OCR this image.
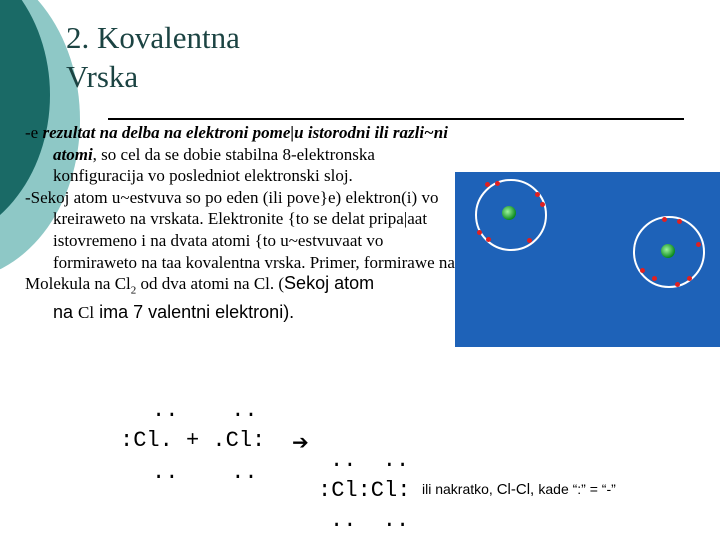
2. Kovalentna
Vrska

-e rezultat na delba na elektroni pome|u istorodni ili razli~ni atomi, so cel da se dobie stabilna 8-elektronska konfiguracija vo posledniot elektronski sloj.

-Sekoj atom u~estvuva so po eden (ili pove}e) elektron(i) vo kreiraweto na vrskata. Elektronite {to se delat pripa|aat istovremeno i na dvata atomi {to u~estvuvaat vo formiraweto na taa kovalentna vrska. Primer, formirawe na

Molekula na $Cl_2$ od dva atomi na Cl. (Sekoj atom
na Cl ima 7 valentni elektroni).

..    ..
:Cl. + .Cl:
..    ..
➔
..  ..
:Cl:Cl:
..  ..
ili nakratko, Cl-Cl, kade “:” = “-”
